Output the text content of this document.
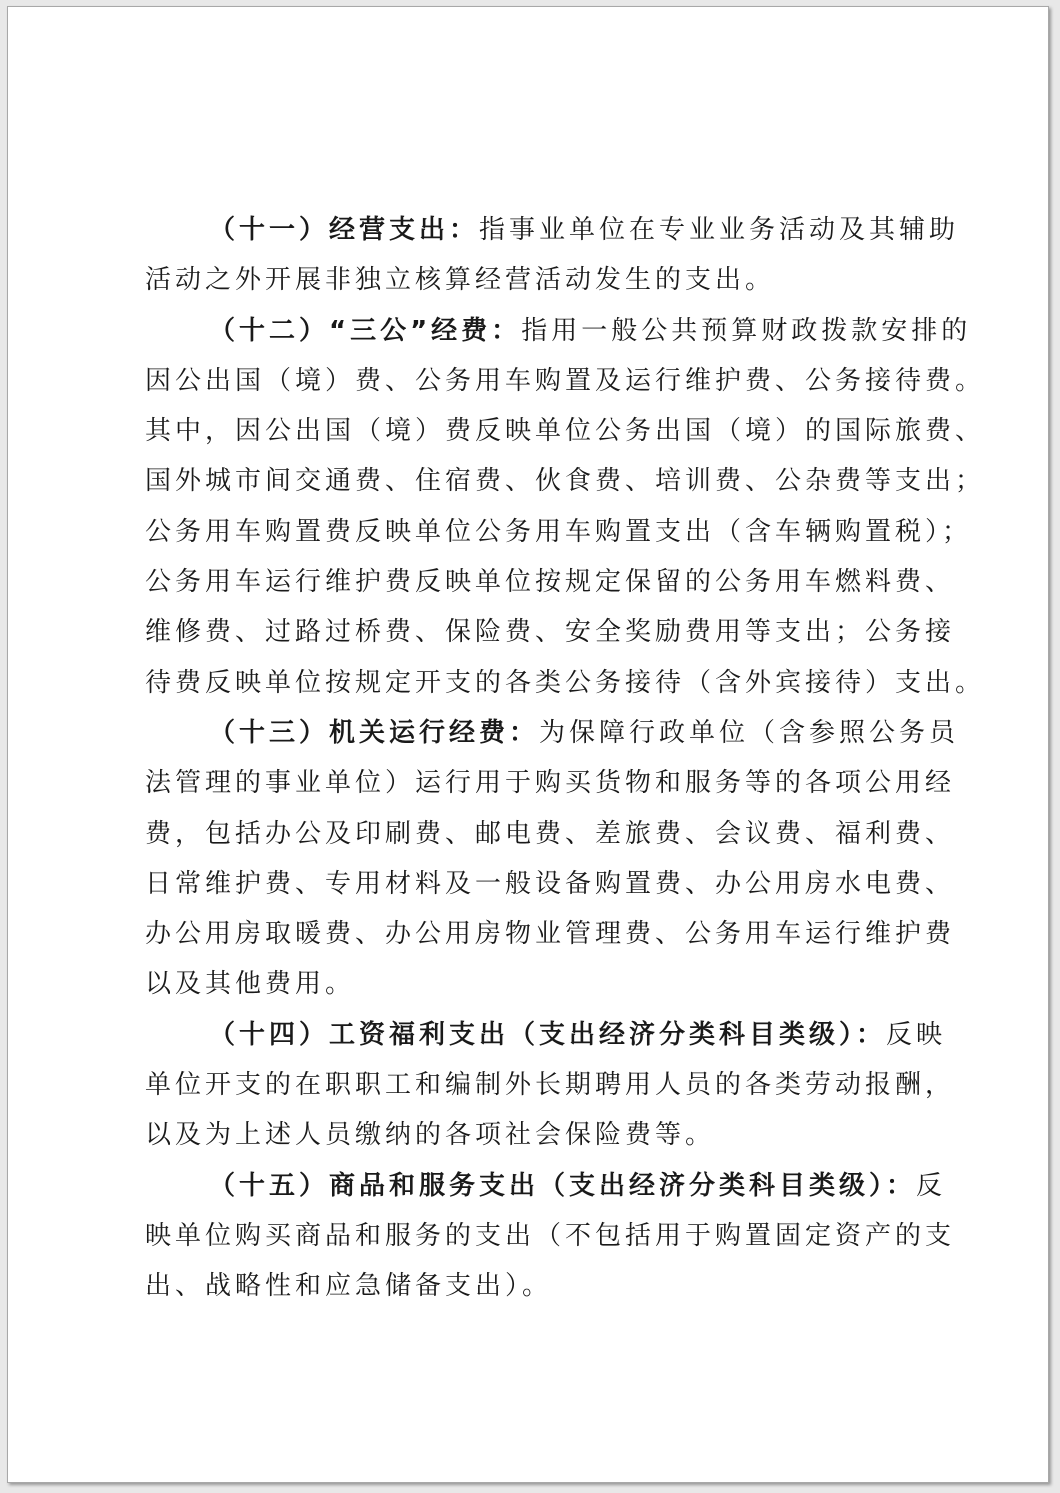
（十一）经营支出：指事业单位在专业业务活动及其辅助
活动之外开展非独立核算经营活动发生的支出。
（十二）“三公”经费：指用一般公共预算财政拨款安排的
因公出国（境）费、公务用车购置及运行维护费、公务接待费。
其中，因公出国（境）费反映单位公务出国（境）的国际旅费、
国外城市间交通费、住宿费、伙食费、培训费、公杂费等支出；
公务用车购置费反映单位公务用车购置支出（含车辆购置税）；
公务用车运行维护费反映单位按规定保留的公务用车燃料费、
维修费、过路过桥费、保险费、安全奖励费用等支出；公务接
待费反映单位按规定开支的各类公务接待（含外宾接待）支出。
（十三）机关运行经费：为保障行政单位（含参照公务员
法管理的事业单位）运行用于购买货物和服务等的各项公用经
费，包括办公及印刷费、邮电费、差旅费、会议费、福利费、
日常维护费、专用材料及一般设备购置费、办公用房水电费、
办公用房取暖费、办公用房物业管理费、公务用车运行维护费
以及其他费用。
（十四）工资福利支出（支出经济分类科目类级）：反映
单位开支的在职职工和编制外长期聘用人员的各类劳动报酬，
以及为上述人员缴纳的各项社会保险费等。
（十五）商品和服务支出（支出经济分类科目类级）：反
映单位购买商品和服务的支出（不包括用于购置固定资产的支
出、战略性和应急储备支出）。
